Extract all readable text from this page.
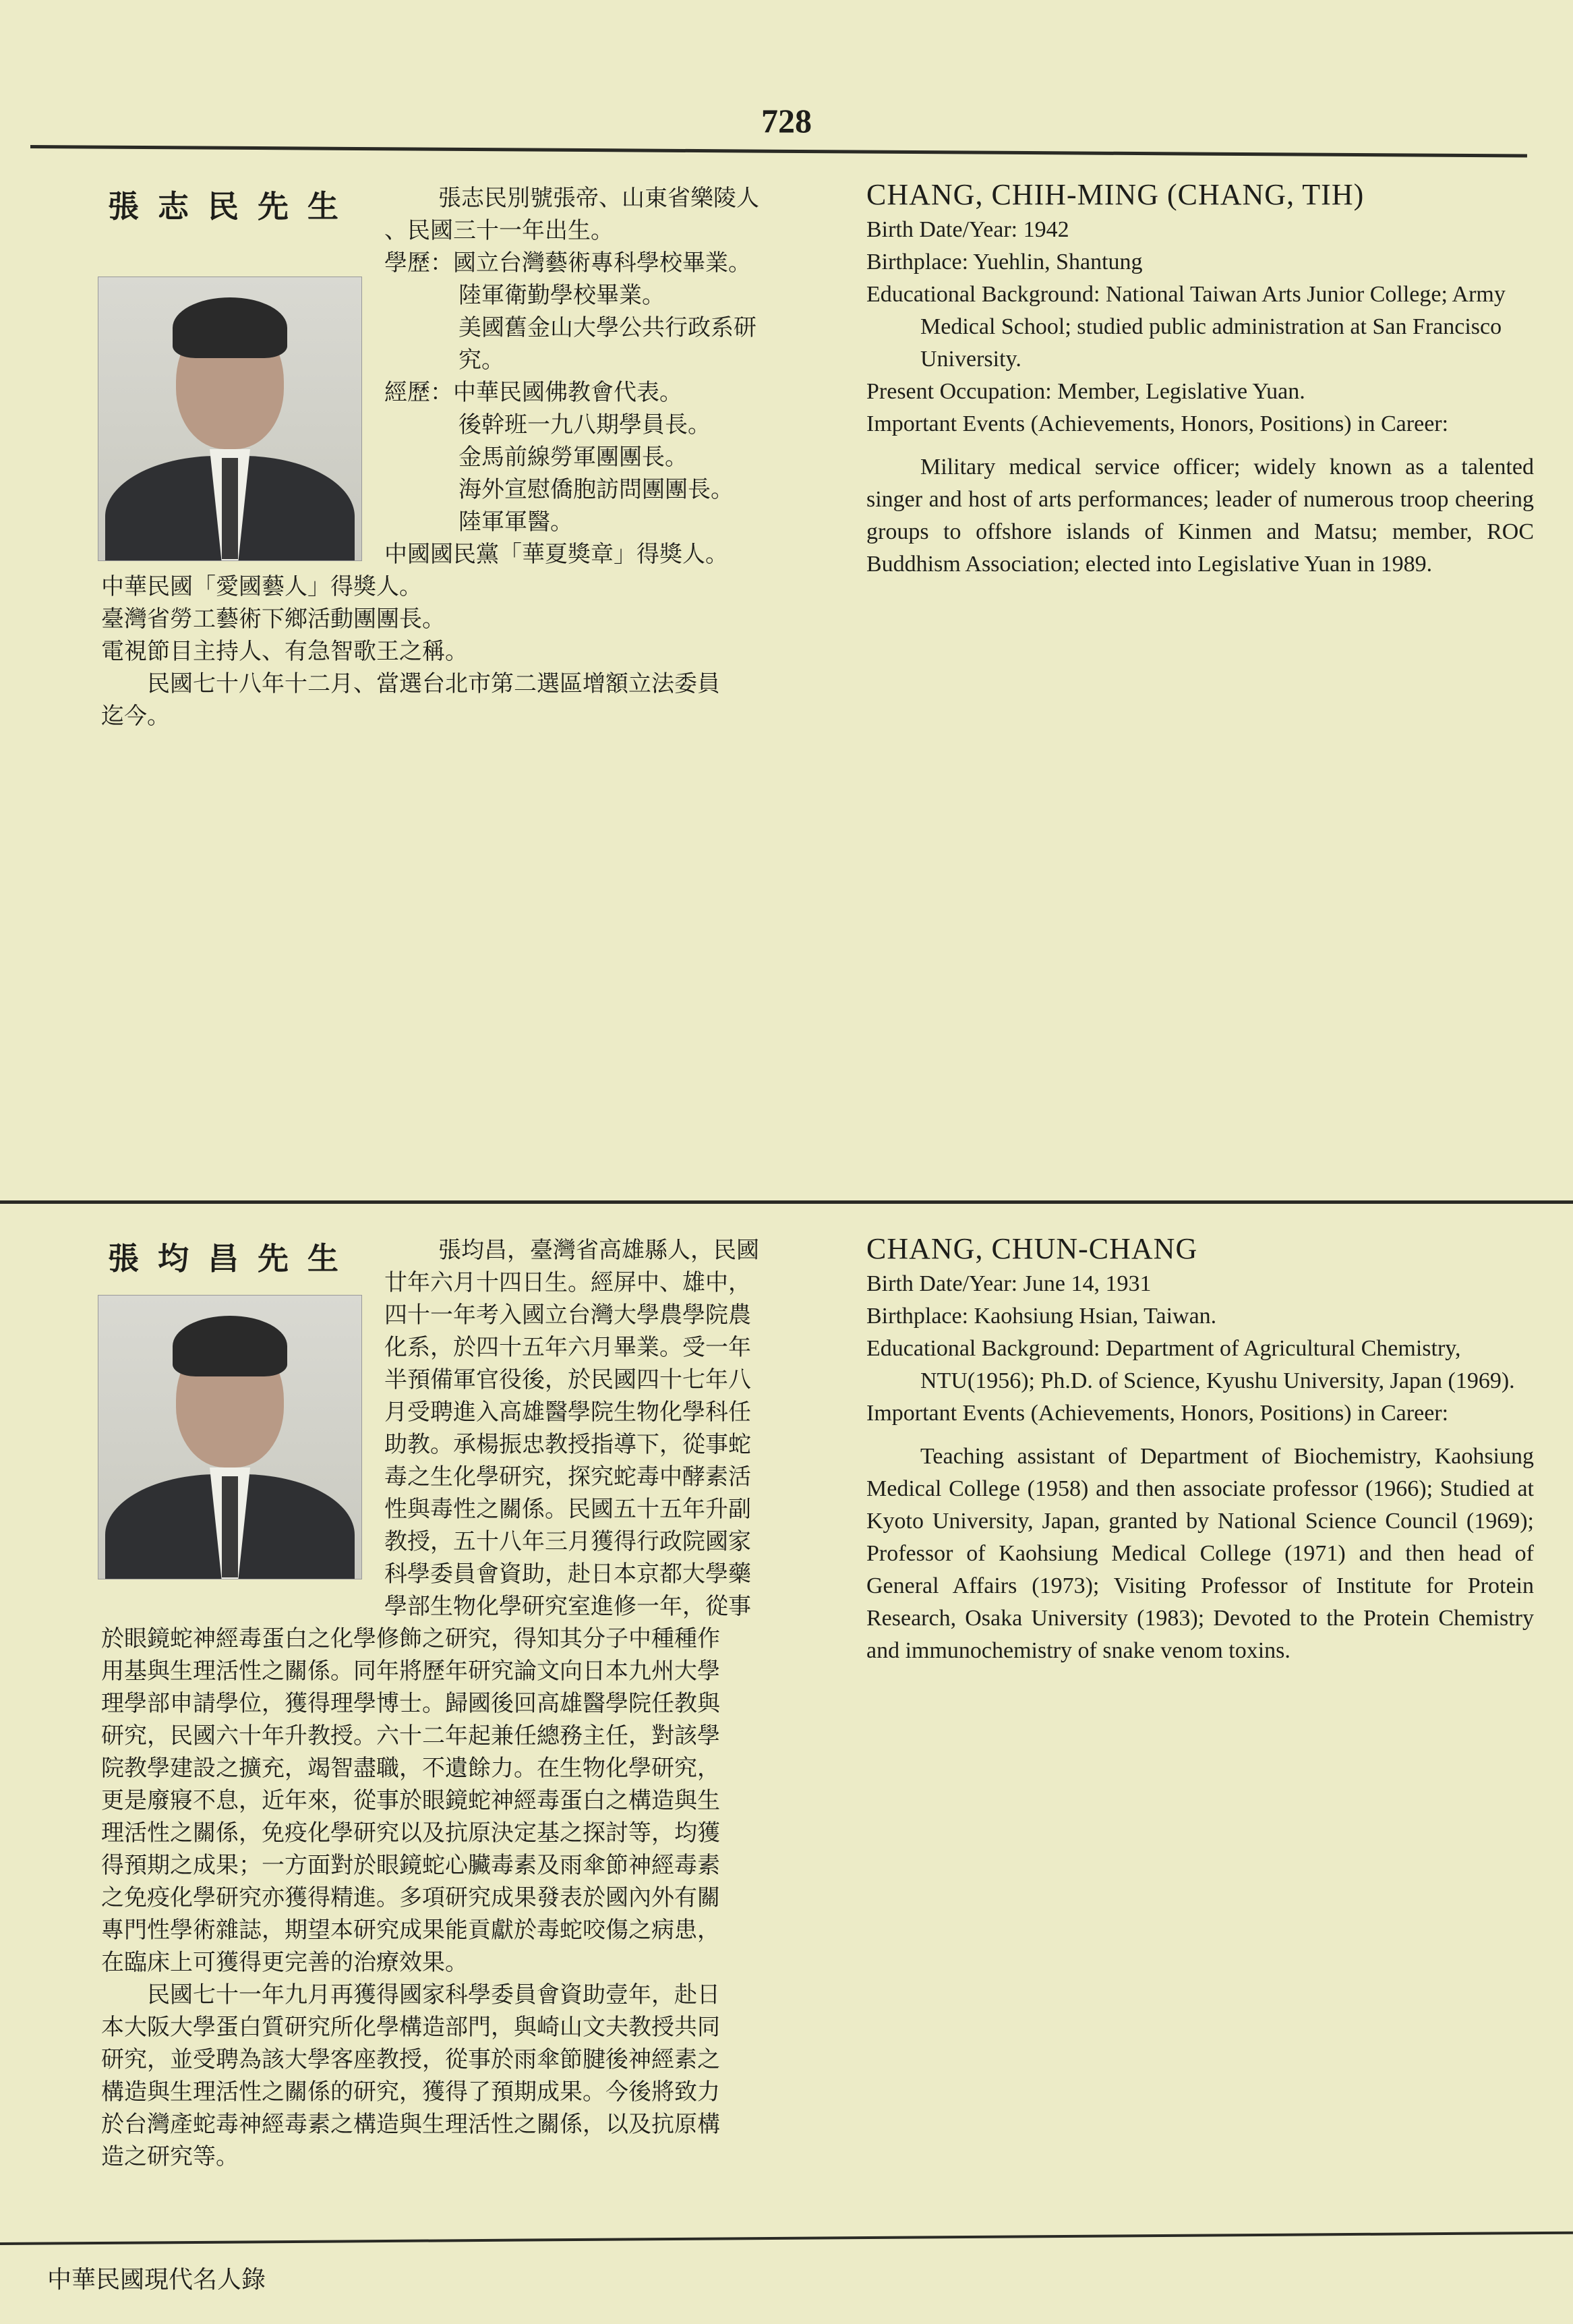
728
張志民先生	張志民別號張帝、山東省樂陵人
、民國三十一年出生。
學歷：國立台灣藝術專科學校畢業。
陸軍衛勤學校畢業。
美國舊金山大學公共行政系研
究。
經歷：中華民國佛教會代表。
後幹班一九八期學員長。
金馬前線勞軍團團長。
海外宣慰僑胞訪問團團長。
陸軍軍醫。
中國國民黨「華夏獎章」得獎人。
中華民國「愛國藝人」得獎人。
臺灣省勞工藝術下鄉活動團團長。
電視節目主持人、有急智歌王之稱。
民國七十八年十二月、當選台北市第二選區增額立法委員
迄今。
CHANG, CHIH-MING (CHANG, TIH)

Birth Date/Year: 1942

Birthplace: Yuehlin, Shantung

Educational Background: National Taiwan Arts Junior College; Army Medical School; studied public administration at San Francisco University.

Present Occupation: Member, Legislative Yuan.

Important Events (Achievements, Honors, Positions) in Career:

Military medical service officer; widely known as a talented singer and host of arts performances; leader of numerous troop cheering groups to offshore islands of Kinmen and Matsu; member, ROC Buddhism Association; elected into Legislative Yuan in 1989.

張均昌先生	張均昌，臺灣省高雄縣人，民國
廿年六月十四日生。經屏中、雄中，
四十一年考入國立台灣大學農學院農
化系，於四十五年六月畢業。受一年
半預備軍官役後，於民國四十七年八
月受聘進入高雄醫學院生物化學科任
助教。承楊振忠教授指導下，從事蛇
毒之生化學研究，探究蛇毒中酵素活
性與毒性之關係。民國五十五年升副
教授，五十八年三月獲得行政院國家
科學委員會資助，赴日本京都大學藥
學部生物化學研究室進修一年，從事
於眼鏡蛇神經毒蛋白之化學修飾之研究，得知其分子中種種作
用基與生理活性之關係。同年將歷年研究論文向日本九州大學
理學部申請學位，獲得理學博士。歸國後回高雄醫學院任教與
研究，民國六十年升教授。六十二年起兼任總務主任，對該學
院教學建設之擴充，竭智盡職，不遺餘力。在生物化學研究，
更是廢寢不息，近年來，從事於眼鏡蛇神經毒蛋白之構造與生
理活性之關係，免疫化學研究以及抗原決定基之探討等，均獲
得預期之成果；一方面對於眼鏡蛇心臟毒素及雨傘節神經毒素
之免疫化學研究亦獲得精進。多項研究成果發表於國內外有關
專門性學術雜誌，期望本研究成果能貢獻於毒蛇咬傷之病患，
在臨床上可獲得更完善的治療效果。
民國七十一年九月再獲得國家科學委員會資助壹年，赴日
本大阪大學蛋白質研究所化學構造部門，與崎山文夫教授共同
研究，並受聘為該大學客座教授，從事於雨傘節腱後神經素之
構造與生理活性之關係的研究，獲得了預期成果。今後將致力
於台灣產蛇毒神經毒素之構造與生理活性之關係，以及抗原構
造之研究等。
CHANG, CHUN-CHANG

Birth Date/Year: June 14, 1931

Birthplace: Kaohsiung Hsian, Taiwan.

Educational Background: Department of Agricultural Chemistry, NTU(1956); Ph.D. of Science, Kyushu University, Japan (1969).

Important Events (Achievements, Honors, Positions) in Career:

Teaching assistant of Department of Biochemistry, Kaohsiung Medical College (1958) and then associate professor (1966); Studied at Kyoto University, Japan, granted by National Science Council (1969); Professor of Kaohsiung Medical College (1971) and then head of General Affairs (1973); Visiting Professor of Institute for Protein Research, Osaka University (1983); Devoted to the Protein Chemistry and immunochemistry of snake venom toxins.

中華民國現代名人錄
